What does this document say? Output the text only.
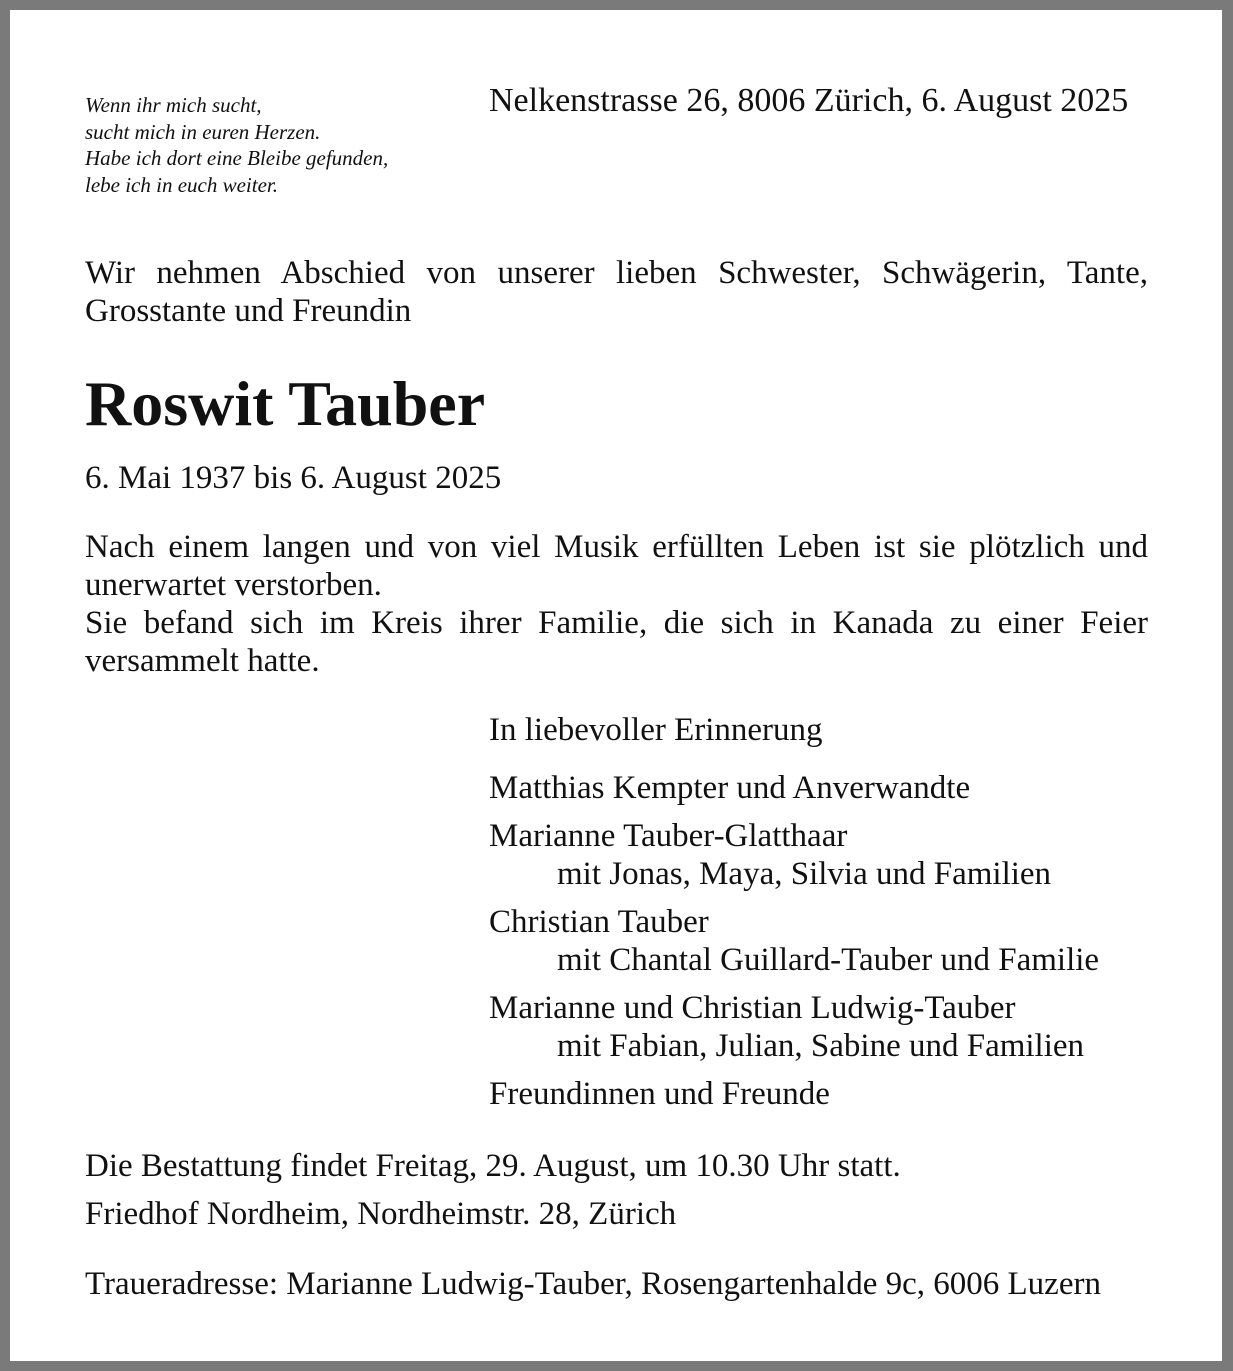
Wenn ihr mich sucht,
sucht mich in euren Herzen.
Habe ich dort eine Bleibe gefunden,
lebe ich in euch weiter.
Nelkenstrasse 26, 8006 Zürich, 6. August 2025
Wir nehmen Abschied von unserer lieben Schwester, Schwägerin, Tante, Grosstante und Freundin
Roswit Tauber
6. Mai 1937 bis 6. August 2025

Nach einem langen und von viel Musik erfüllten Leben ist sie plötzlich und unerwartet verstorben.

Sie befand sich im Kreis ihrer Familie, die sich in Kanada zu einer Feier versammelt hatte.

In liebevoller Erinnerung
Matthias Kempter und Anverwandte
Marianne Tauber-Glatthaar
mit Jonas, Maya, Silvia und Familien
Christian Tauber
mit Chantal Guillard-Tauber und Familie
Marianne und Christian Ludwig-Tauber
mit Fabian, Julian, Sabine und Familien
Freundinnen und Freunde
Die Bestattung findet Freitag, 29. August, um 10.30 Uhr statt.
Friedhof Nordheim, Nordheimstr. 28, Zürich
Traueradresse: Marianne Ludwig-Tauber, Rosengartenhalde 9c, 6006 Luzern
